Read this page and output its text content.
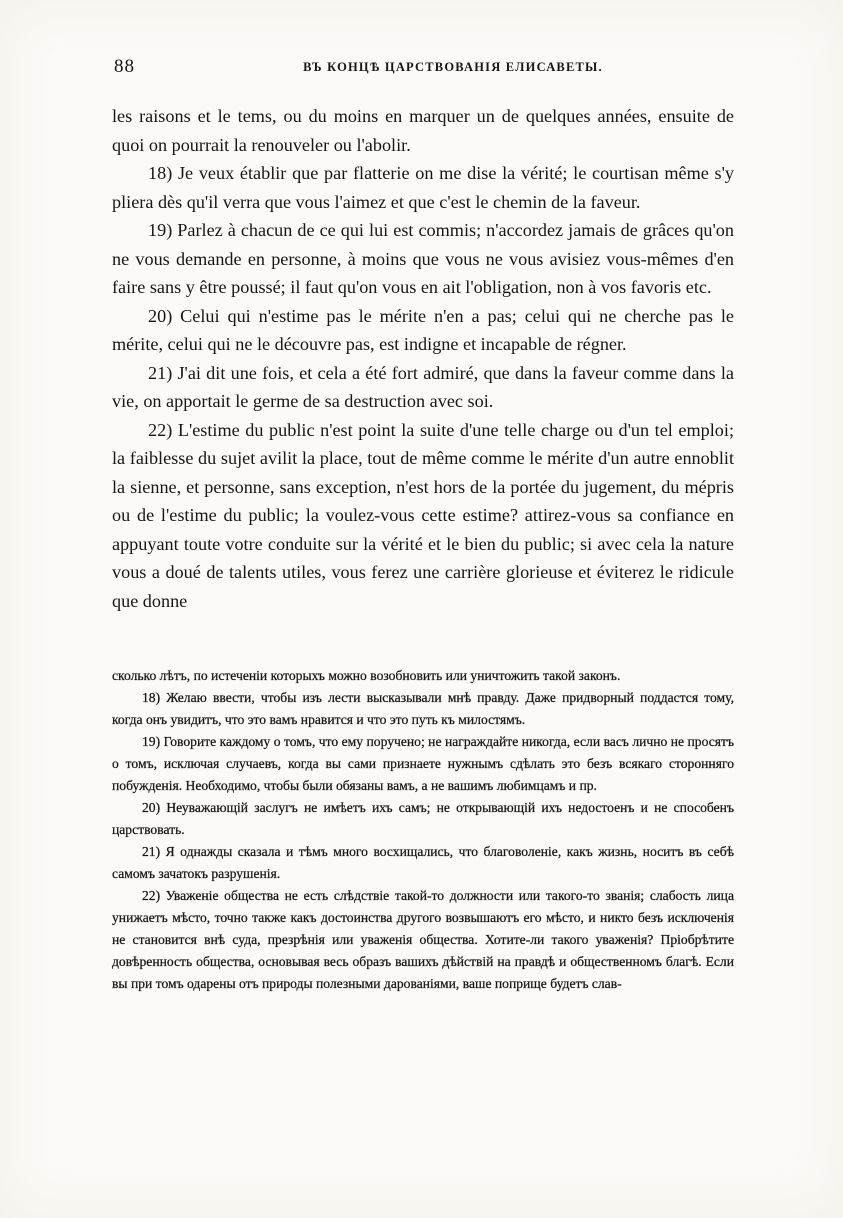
88	ВЪ КОНЦѢ ЦАРСТВОВАНІЯ ЕЛИСАВЕТЫ.

les raisons et le tems, ou du moins en marquer un de quelques années, ensuite de quoi on pourrait la renouveler ou l'abolir.

18) Je veux établir que par flatterie on me dise la vérité; le courtisan même s'y pliera dès qu'il verra que vous l'aimez et que c'est le chemin de la faveur.

19) Parlez à chacun de ce qui lui est commis; n'accordez jamais de grâces qu'on ne vous demande en personne, à moins que vous ne vous avisiez vous-mêmes d'en faire sans y être poussé; il faut qu'on vous en ait l'obligation, non à vos favoris etc.

20) Celui qui n'estime pas le mérite n'en a pas; celui qui ne cherche pas le mérite, celui qui ne le découvre pas, est indigne et incapable de régner.

21) J'ai dit une fois, et cela a été fort admiré, que dans la faveur comme dans la vie, on apportait le germe de sa destruction avec soi.

22) L'estime du public n'est point la suite d'une telle charge ou d'un tel emploi; la faiblesse du sujet avilit la place, tout de même comme le mérite d'un autre ennoblit la sienne, et personne, sans exception, n'est hors de la portée du jugement, du mépris ou de l'estime du public; la voulez-vous cette estime? attirez-vous sa confiance en appuyant toute votre conduite sur la vérité et le bien du public; si avec cela la nature vous a doué de talents utiles, vous ferez une carrière glorieuse et éviterez le ridicule que donne

сколько лѣтъ, по истеченіи которыхъ можно возобновить или уничтожить такой законъ.

18) Желаю ввести, чтобы изъ лести высказывали мнѣ правду. Даже придворный поддастся тому, когда онъ увидитъ, что это вамъ нравится и что это путь къ милостямъ.

19) Говорите каждому о томъ, что ему поручено; не награждайте никогда, если васъ лично не просятъ о томъ, исключая случаевъ, когда вы сами признаете нужнымъ сдѣлать это безъ всякаго сторонняго побужденія. Необходимо, чтобы были обязаны вамъ, а не вашимъ любимцамъ и пр.

20) Неуважающій заслугъ не имѣетъ ихъ самъ; не открывающій ихъ недостоенъ и не способенъ царствовать.

21) Я однажды сказала и тѣмъ много восхищались, что благоволеніе, какъ жизнь, носитъ въ себѣ самомъ зачатокъ разрушенія.

22) Уваженіе общества не есть слѣдствіе такой-то должности или такого-то званія; слабость лица унижаетъ мѣсто, точно также какъ достоинства другого возвышаютъ его мѣсто, и никто безъ исключенія не становится внѣ суда, презрѣнія или уваженія общества. Хотите-ли такого уваженія? Пріобрѣтите довѣренность общества, основывая весь образъ вашихъ дѣйствій на правдѣ и общественномъ благѣ. Если вы при томъ одарены отъ природы полезными дарованіями, ваше поприще будетъ слав-
